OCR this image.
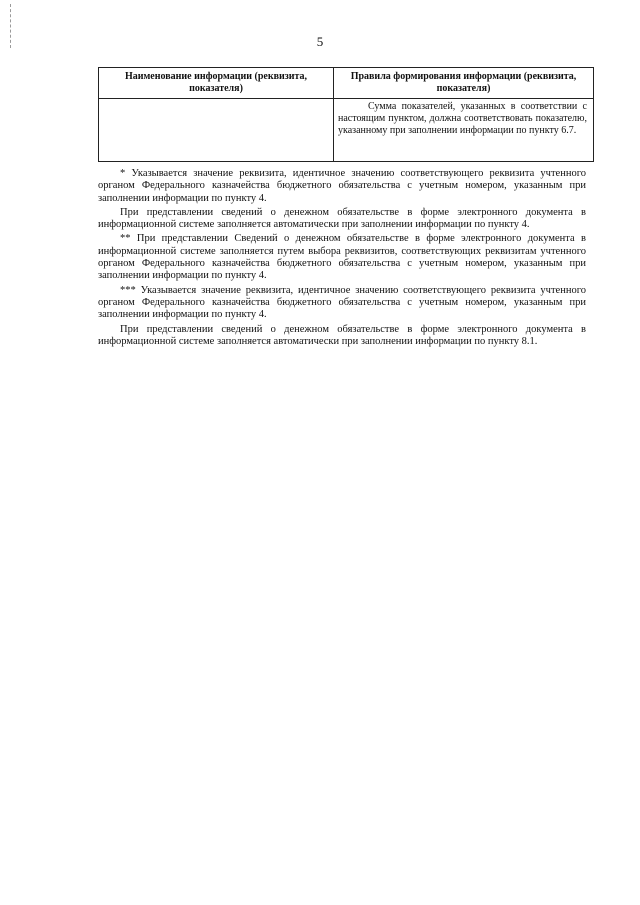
5
Наименование информации (реквизита, показателя)	Правила формирования информации (реквизита, показателя)
	Сумма показателей, указанных в соответствии с настоящим пунктом, должна соответствовать показателю, указанному при заполнении информации по пункту 6.7.

* Указывается значение реквизита, идентичное значению соответствующего реквизита учтенного органом Федерального казначейства бюджетного обязательства с учетным номером, указанным при заполнении информации по пункту 4.

При представлении сведений о денежном обязательстве в форме электронного документа в информационной системе заполняется автоматически при заполнении информации по пункту 4.

** При представлении Сведений о денежном обязательстве в форме электронного документа в информационной системе заполняется путем выбора реквизитов, соответствующих реквизитам учтенного органом Федерального казначейства бюджетного обязательства с учетным номером, указанным при заполнении информации по пункту 4.

*** Указывается значение реквизита, идентичное значению соответствующего реквизита учтенного органом Федерального казначейства бюджетного обязательства с учетным номером, указанным при заполнении информации по пункту 4.

При представлении сведений о денежном обязательстве в форме электронного документа в информационной системе заполняется автоматически при заполнении информации по пункту 8.1.
